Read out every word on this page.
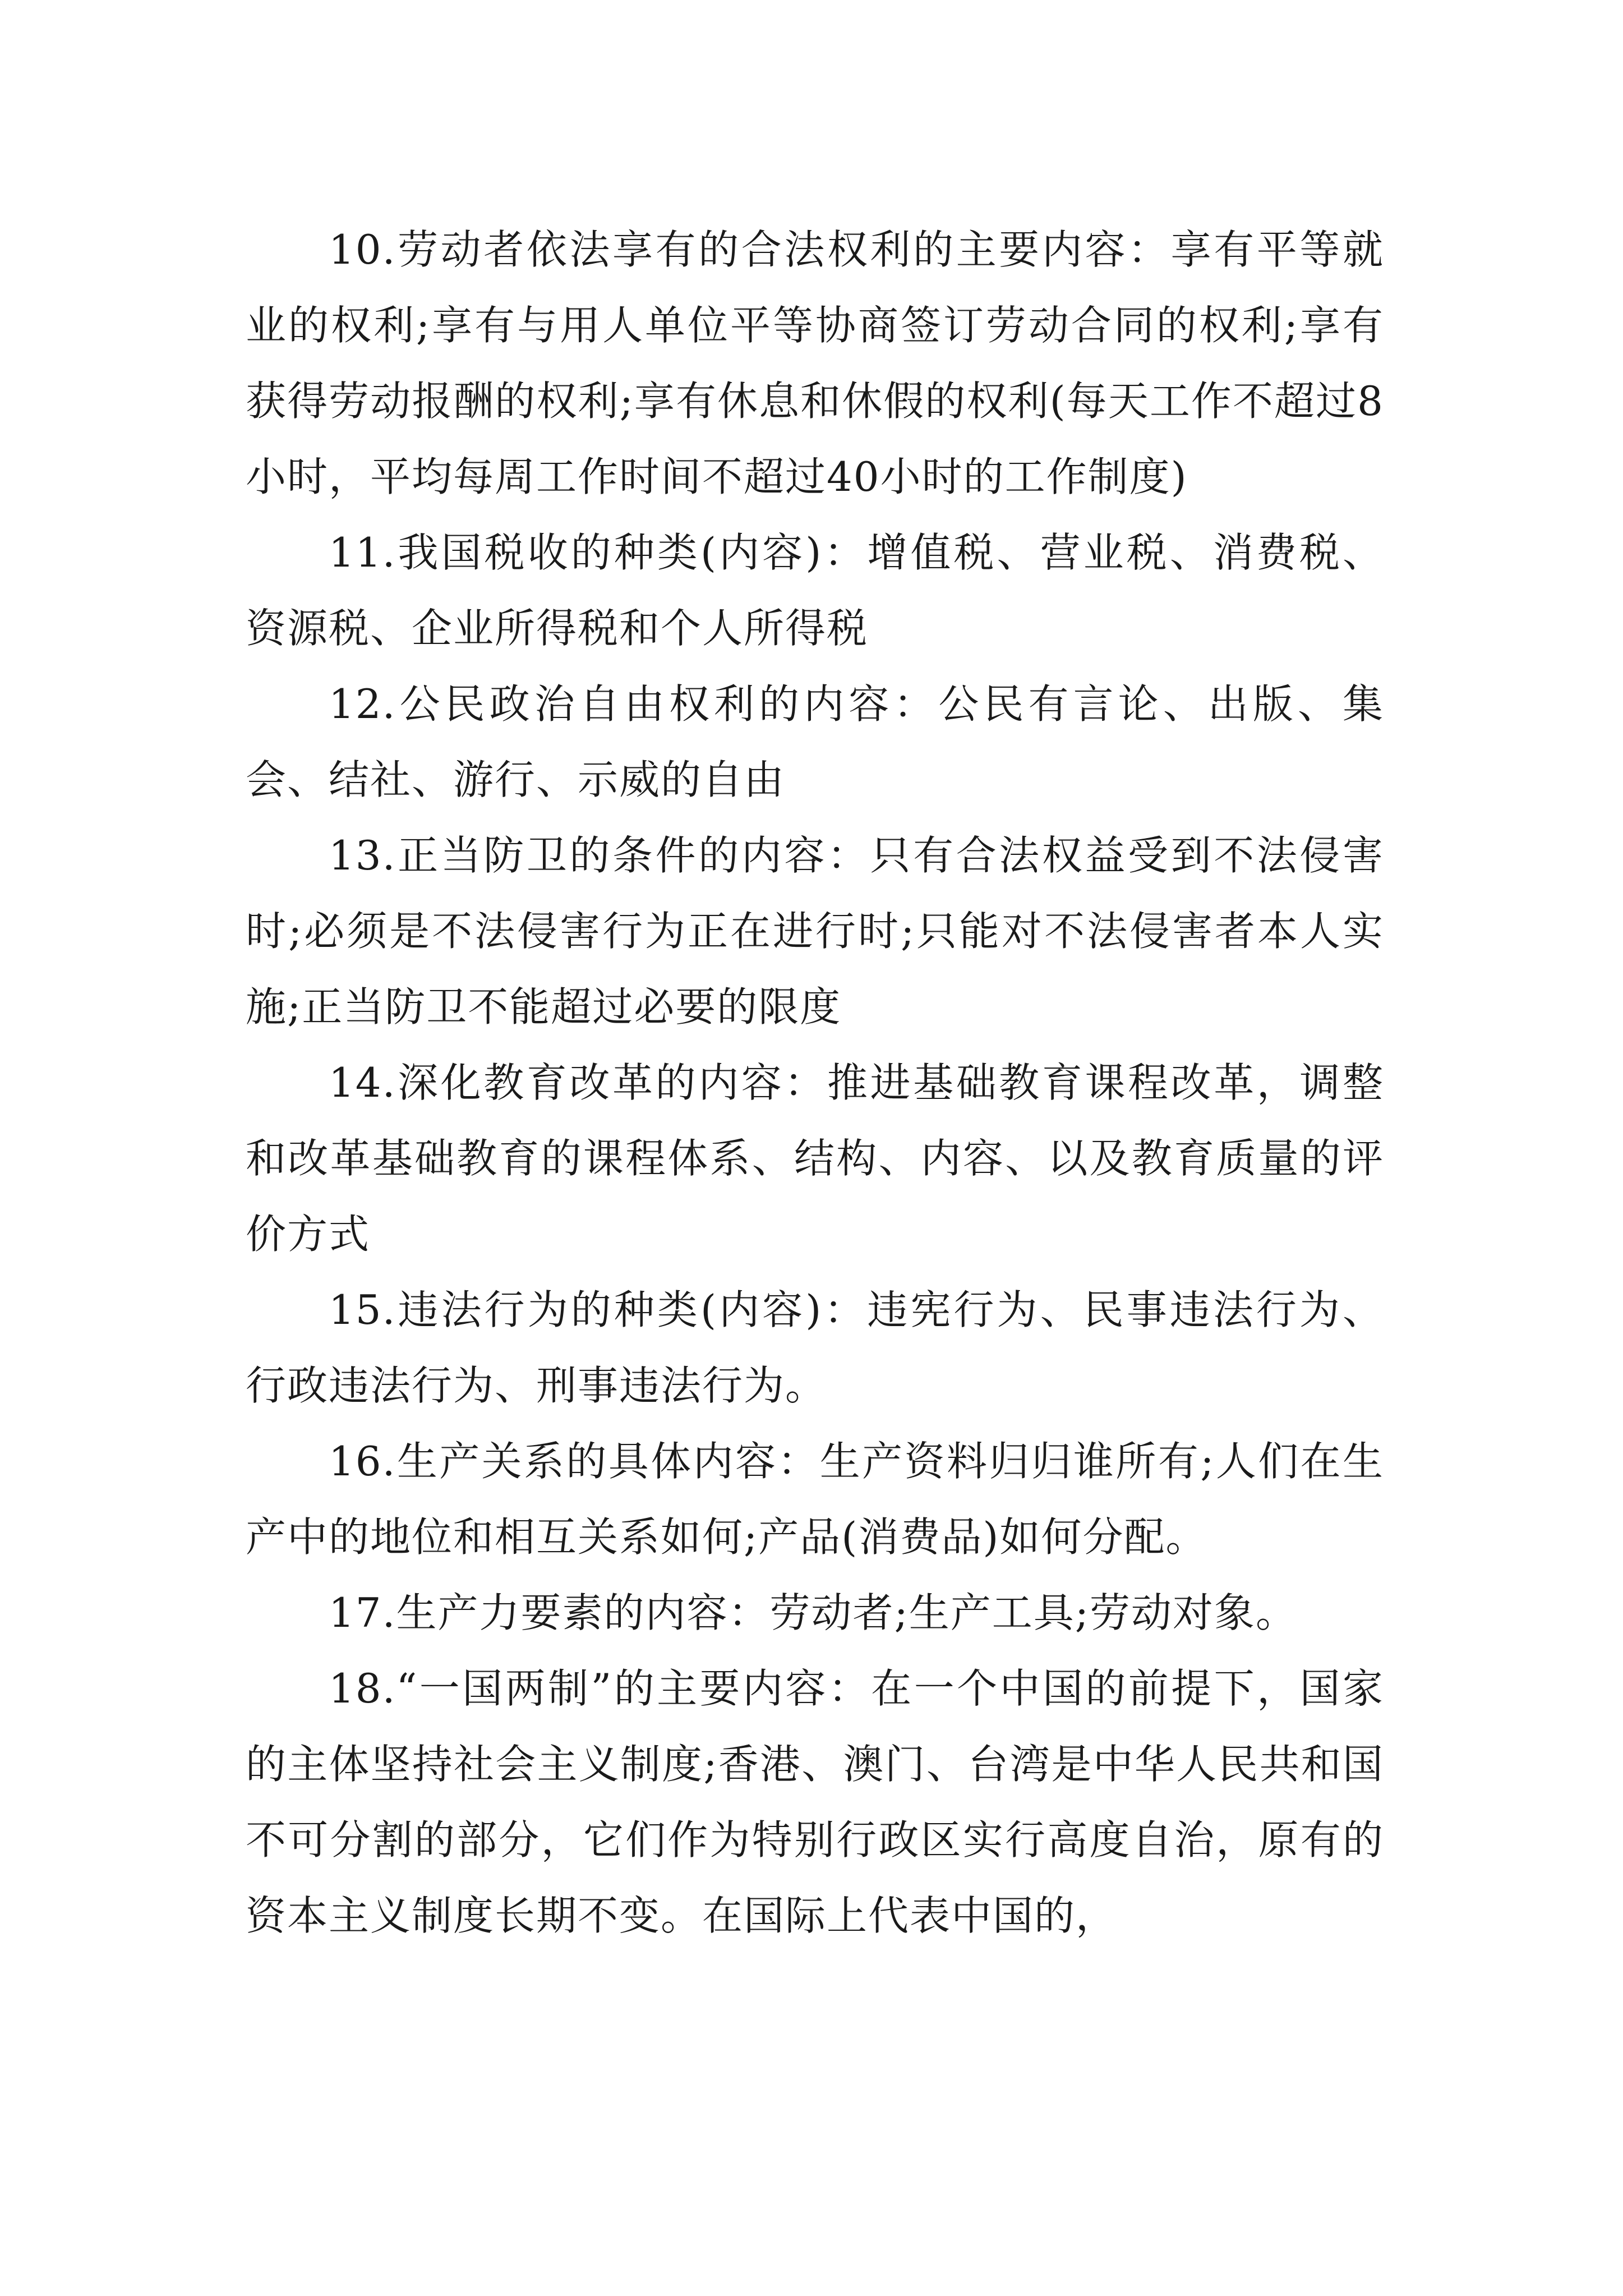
10.劳动者依法享有的合法权利的主要内容：享有平等就业的权利;享有与用人单位平等协商签订劳动合同的权利;享有获得劳动报酬的权利;享有休息和休假的权利(每天工作不超过8小时，平均每周工作时间不超过40小时的工作制度)

11.我国税收的种类(内容)：增值税、营业税、消费税、资源税、企业所得税和个人所得税

12.公民政治自由权利的内容：公民有言论、出版、集会、结社、游行、示威的自由

13.正当防卫的条件的内容：只有合法权益受到不法侵害时;必须是不法侵害行为正在进行时;只能对不法侵害者本人实施;正当防卫不能超过必要的限度

14.深化教育改革的内容：推进基础教育课程改革，调整和改革基础教育的课程体系、结构、内容、以及教育质量的评价方式

15.违法行为的种类(内容)：违宪行为、民事违法行为、行政违法行为、刑事违法行为。

16.生产关系的具体内容：生产资料归归谁所有;人们在生产中的地位和相互关系如何;产品(消费品)如何分配。

17.生产力要素的内容：劳动者;生产工具;劳动对象。

18.“一国两制”的主要内容：在一个中国的前提下，国家的主体坚持社会主义制度;香港、澳门、台湾是中华人民共和国不可分割的部分，它们作为特别行政区实行高度自治，原有的资本主义制度长期不变。在国际上代表中国的，
